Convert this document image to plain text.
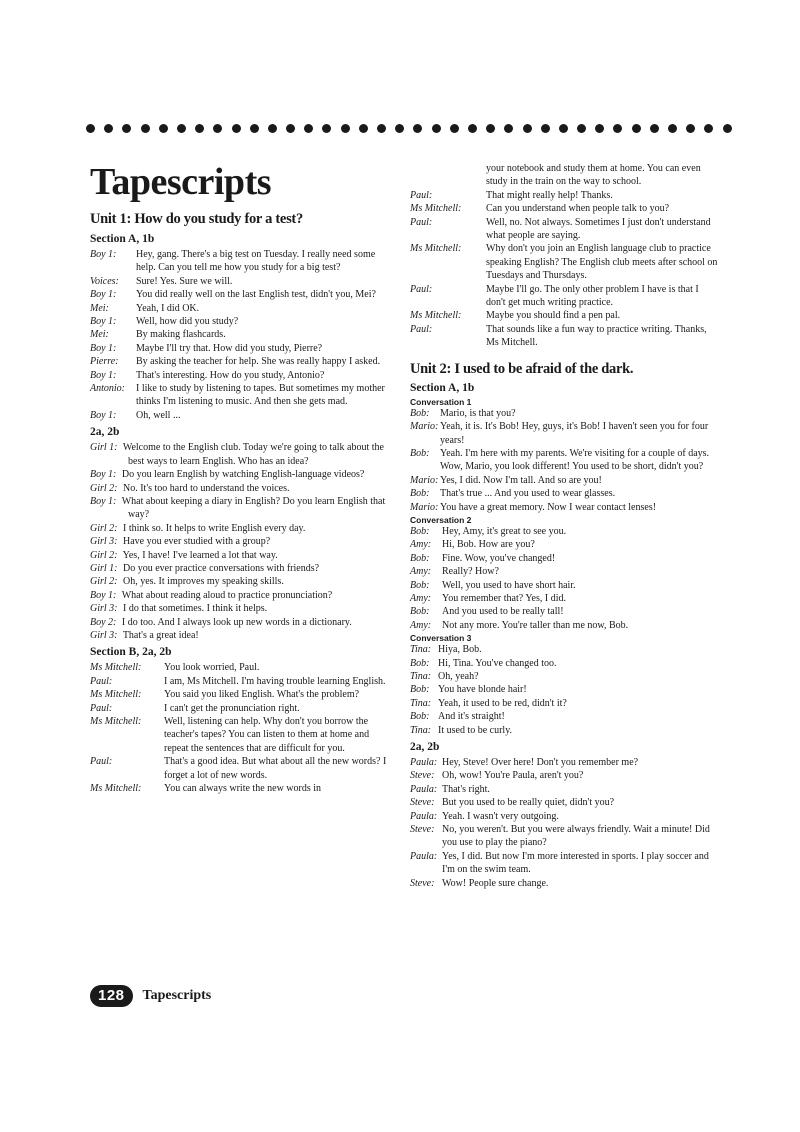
Tapescripts
Unit 1: How do you study for a test?
Section A, 1b
Boy 1:	Hey, gang. There's a big test on Tuesday. I really need some help. Can you tell me how you study for a big test?
Voices:	Sure! Yes. Sure we will.
Boy 1:	You did really well on the last English test, didn't you, Mei?
Mei:	Yeah, I did OK.
Boy 1:	Well, how did you study?
Mei:	By making flashcards.
Boy 1:	Maybe I'll try that. How did you study, Pierre?
Pierre:	By asking the teacher for help. She was really happy I asked.
Boy 1:	That's interesting. How do you study, Antonio?
Antonio:	I like to study by listening to tapes. But sometimes my mother thinks I'm listening to music. And then she gets mad.
Boy 1:	Oh, well ...
2a, 2b
Girl 1: Welcome to the English club. Today we're going to talk about the best ways to learn English. Who has an idea?
Boy 1: Do you learn English by watching English-language videos?
Girl 2: No. It's too hard to understand the voices.
Boy 1: What about keeping a diary in English? Do you learn English that way?
Girl 2: I think so. It helps to write English every day.
Girl 3: Have you ever studied with a group?
Girl 2: Yes, I have! I've learned a lot that way.
Girl 1: Do you ever practice conversations with friends?
Girl 2: Oh, yes. It improves my speaking skills.
Boy 1: What about reading aloud to practice pronunciation?
Girl 3: I do that sometimes. I think it helps.
Boy 2: I do too. And I always look up new words in a dictionary.
Girl 3: That's a great idea!
Section B, 2a, 2b
Ms Mitchell:	You look worried, Paul.
Paul:	I am, Ms Mitchell. I'm having trouble learning English.
Ms Mitchell:	You said you liked English. What's the problem?
Paul:	I can't get the pronunciation right.
Ms Mitchell:	Well, listening can help. Why don't you borrow the teacher's tapes? You can listen to them at home and repeat the sentences that are difficult for you.
Paul:	That's a good idea. But what about all the new words? I forget a lot of new words.
Ms Mitchell:	You can always write the new words in
your notebook and study them at home. You can even study in the train on the way to school.
Paul:	That might really help! Thanks.
Ms Mitchell:	Can you understand when people talk to you?
Paul:	Well, no. Not always. Sometimes I just don't understand what people are saying.
Ms Mitchell:	Why don't you join an English language club to practice speaking English? The English club meets after school on Tuesdays and Thursdays.
Paul:	Maybe I'll go. The only other problem I have is that I don't get much writing practice.
Ms Mitchell:	Maybe you should find a pen pal.
Paul:	That sounds like a fun way to practice writing. Thanks, Ms Mitchell.
Unit 2: I used to be afraid of the dark.
Section A, 1b
Conversation 1
Bob:	Mario, is that you?
Mario: Yeah, it is. It's Bob! Hey, guys, it's Bob! I haven't seen you for four years!
Bob:	Yeah. I'm here with my parents. We're visiting for a couple of days. Wow, Mario, you look different! You used to be short, didn't you?
Mario: Yes, I did. Now I'm tall. And so are you!
Bob:	That's true ... And you used to wear glasses.
Mario: You have a great memory. Now I wear contact lenses!
Conversation 2
Bob:	Hey, Amy, it's great to see you.
Amy:	Hi, Bob. How are you?
Bob:	Fine. Wow, you've changed!
Amy:	Really? How?
Bob:	Well, you used to have short hair.
Amy:	You remember that? Yes, I did.
Bob:	And you used to be really tall!
Amy:	Not any more. You're taller than me now, Bob.
Conversation 3
Tina: Hiya, Bob.
Bob: Hi, Tina. You've changed too.
Tina: Oh, yeah?
Bob: You have blonde hair!
Tina: Yeah, it used to be red, didn't it?
Bob: And it's straight!
Tina: It used to be curly.
2a, 2b
Paula: Hey, Steve! Over here! Don't you remember me?
Steve: Oh, wow! You're Paula, aren't you?
Paula: That's right.
Steve: But you used to be really quiet, didn't you?
Paula: Yeah. I wasn't very outgoing.
Steve: No, you weren't. But you were always friendly. Wait a minute! Did you use to play the piano?
Paula: Yes, I did. But now I'm more interested in sports. I play soccer and I'm on the swim team.
Steve: Wow! People sure change.
128	Tapescripts
